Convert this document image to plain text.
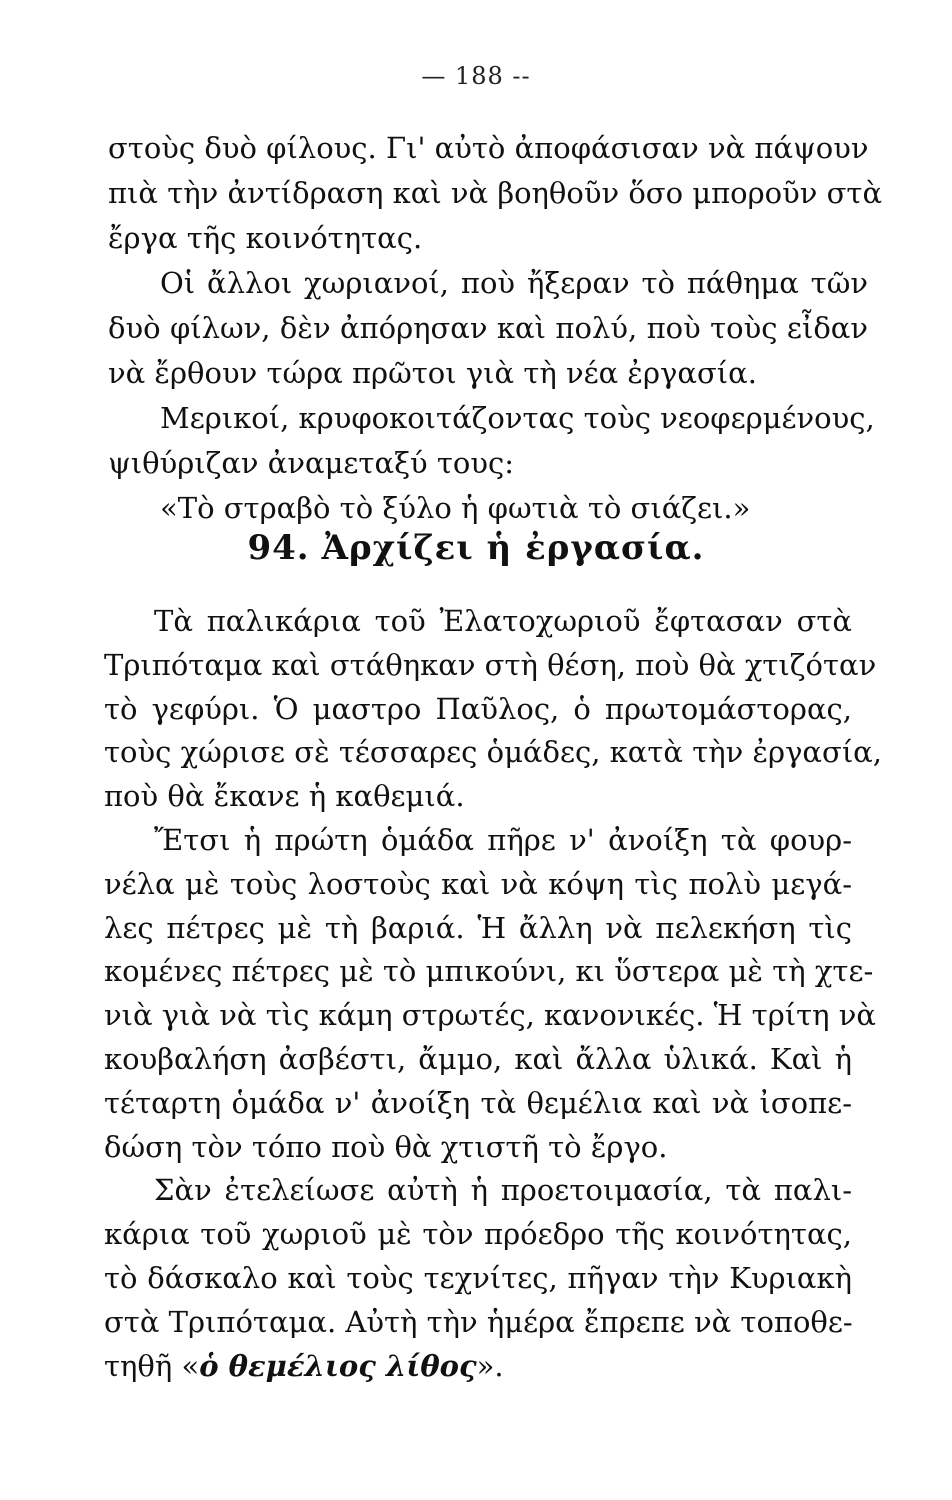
— 188 --
στοὺς δυὸ φίλους. Γι' αὐτὸ ἀποφάσισαν νὰ πάψουν
πιὰ τὴν ἀντίδραση καὶ νὰ βοηθοῦν ὅσο μποροῦν στὰ
ἔργα τῆς κοινότητας.
Οἱ ἄλλοι χωριανοί, ποὺ ἤξεραν τὸ πάθημα τῶν
δυὸ φίλων, δὲν ἀπόρησαν καὶ πολύ, ποὺ τοὺς εἶδαν
νὰ ἔρθουν τώρα πρῶτοι γιὰ τὴ νέα ἐργασία.
Μερικοί, κρυφοκοιτάζοντας τοὺς νεοφερμένους,
ψιθύριζαν ἀναμεταξύ τους:
«Τὸ στραβὸ τὸ ξύλο ἡ φωτιὰ τὸ σιάζει.»
94. Ἀρχίζει ἡ ἐργασία.
Τὰ παλικάρια τοῦ Ἐλατοχωριοῦ ἔφτασαν στὰ
Τριπόταμα καὶ στάθηκαν στὴ θέση, ποὺ θὰ χτιζόταν
τὸ γεφύρι. Ὁ μαστρο Παῦλος, ὁ πρωτομάστορας,
τοὺς χώρισε σὲ τέσσαρες ὁμάδες, κατὰ τὴν ἐργασία,
ποὺ θὰ ἔκανε ἡ καθεμιά.
Ἔτσι ἡ πρώτη ὁμάδα πῆρε ν' ἀνοίξη τὰ φουρ-
νέλα μὲ τοὺς λοστοὺς καὶ νὰ κόψη τὶς πολὺ μεγά-
λες πέτρες μὲ τὴ βαριά. Ἡ ἄλλη νὰ πελεκήση τὶς
κομένες πέτρες μὲ τὸ μπικούνι, κι ὕστερα μὲ τὴ χτε-
νιὰ γιὰ νὰ τὶς κάμη στρωτές, κανονικές. Ἡ τρίτη νὰ
κουβαλήση ἀσβέστι, ἄμμο, καὶ ἄλλα ὑλικά. Καὶ ἡ
τέταρτη ὁμάδα ν' ἀνοίξη τὰ θεμέλια καὶ νὰ ἰσοπε-
δώση τὸν τόπο ποὺ θὰ χτιστῆ τὸ ἔργο.
Σὰν ἐτελείωσε αὐτὴ ἡ προετοιμασία, τὰ παλι-
κάρια τοῦ χωριοῦ μὲ τὸν πρόεδρο τῆς κοινότητας,
τὸ δάσκαλο καὶ τοὺς τεχνίτες, πῆγαν τὴν Κυριακὴ
στὰ Τριπόταμα. Αὐτὴ τὴν ἡμέρα ἔπρεπε νὰ τοποθε-
τηθῆ «ὁ θεμέλιος λίθος».
